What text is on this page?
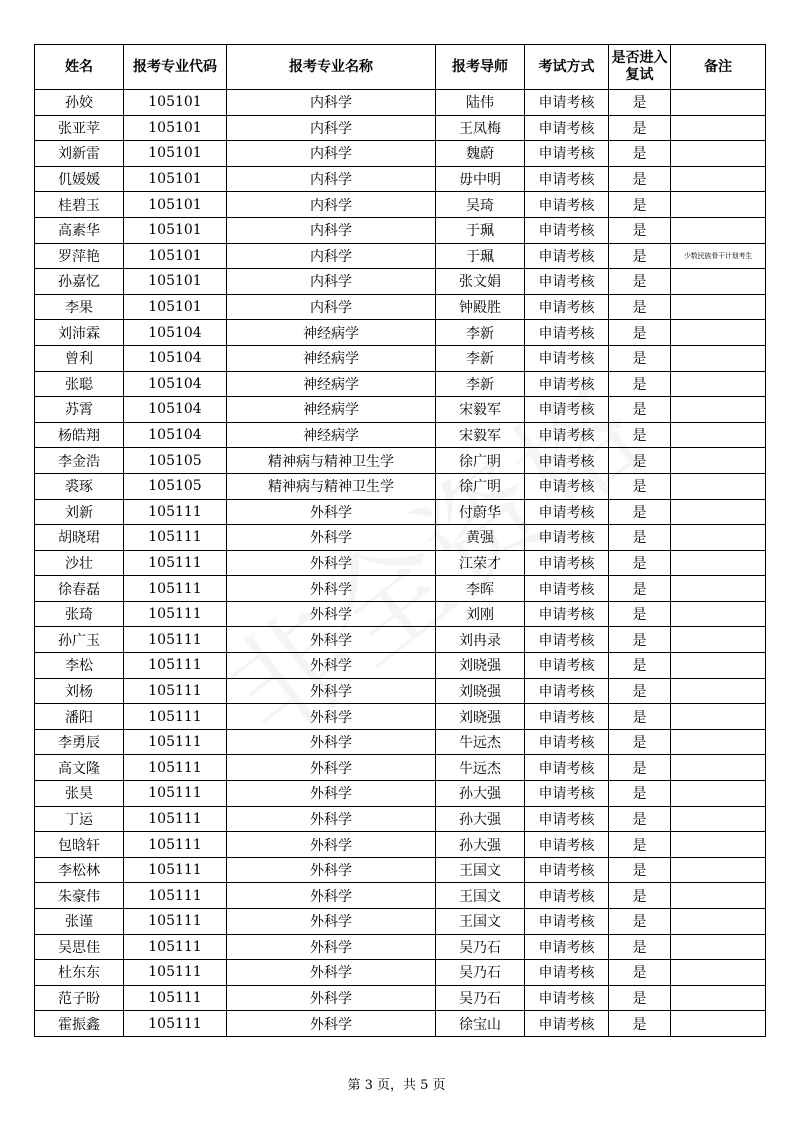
姓名	报考专业代码	报考专业名称	报考导师	考试方式	是否进入复试	备注
孙姣	105101	内科学	陆伟	申请考核	是	
张亚苹	105101	内科学	王凤梅	申请考核	是	
刘新雷	105101	内科学	魏蔚	申请考核	是	
仉媛媛	105101	内科学	毋中明	申请考核	是	
桂碧玉	105101	内科学	吴琦	申请考核	是	
高素华	105101	内科学	于珮	申请考核	是	
罗萍艳	105101	内科学	于珮	申请考核	是	少数民族骨干计划考生
孙嘉忆	105101	内科学	张文娟	申请考核	是	
李果	105101	内科学	钟殿胜	申请考核	是	
刘沛霖	105104	神经病学	李新	申请考核	是	
曾利	105104	神经病学	李新	申请考核	是	
张聪	105104	神经病学	李新	申请考核	是	
苏霄	105104	神经病学	宋毅军	申请考核	是	
杨皓翔	105104	神经病学	宋毅军	申请考核	是	
李金浩	105105	精神病与精神卫生学	徐广明	申请考核	是	
裘琢	105105	精神病与精神卫生学	徐广明	申请考核	是	
刘新	105111	外科学	付蔚华	申请考核	是	
胡晓珺	105111	外科学	黄强	申请考核	是	
沙壮	105111	外科学	江荣才	申请考核	是	
徐春磊	105111	外科学	李晖	申请考核	是	
张琦	105111	外科学	刘刚	申请考核	是	
孙广玉	105111	外科学	刘冉录	申请考核	是	
李松	105111	外科学	刘晓强	申请考核	是	
刘杨	105111	外科学	刘晓强	申请考核	是	
潘阳	105111	外科学	刘晓强	申请考核	是	
李勇辰	105111	外科学	牛远杰	申请考核	是	
高文隆	105111	外科学	牛远杰	申请考核	是	
张昊	105111	外科学	孙大强	申请考核	是	
丁运	105111	外科学	孙大强	申请考核	是	
包晗轩	105111	外科学	孙大强	申请考核	是	
李松林	105111	外科学	王国文	申请考核	是	
朱豪伟	105111	外科学	王国文	申请考核	是	
张谨	105111	外科学	王国文	申请考核	是	
吴思佳	105111	外科学	吴乃石	申请考核	是	
杜东东	105111	外科学	吴乃石	申请考核	是	
范子盼	105111	外科学	吴乃石	申请考核	是	
霍振鑫	105111	外科学	徐宝山	申请考核	是	
第 3 页，共 5 页
